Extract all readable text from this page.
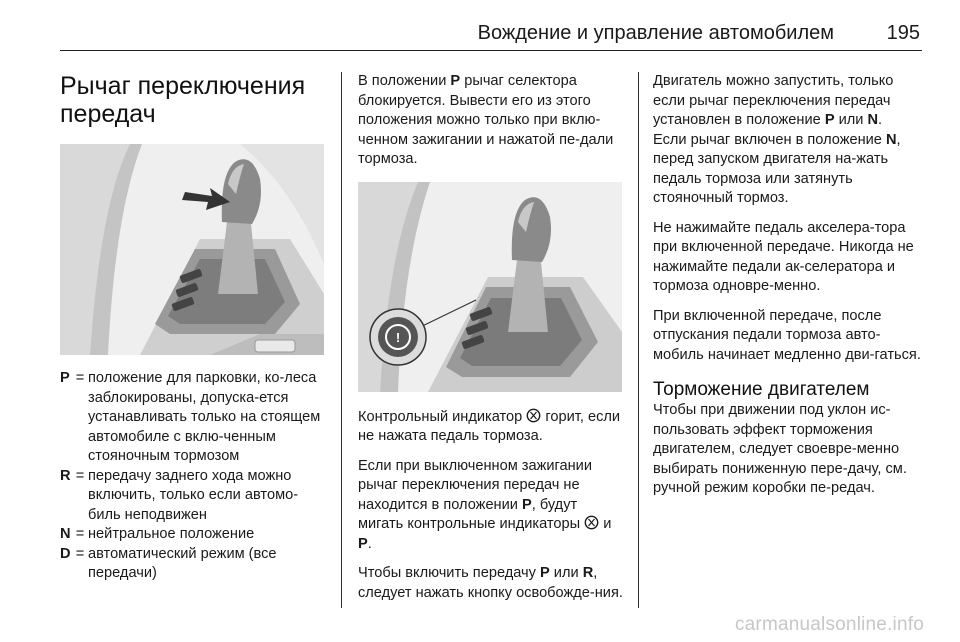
Вождение и управление автомобилем	195
Рычаг переключения
передач
P = положение для парковки, ко-леса заблокированы, допуска-ется устанавливать только на стоящем автомобиле с вклю-ченным стояночным тормозом
R = передачу заднего хода можно включить, только если автомо-биль неподвижен
N = нейтральное положение
D = автоматический режим (все передачи)

В положении P рычаг селектора блокируется. Вывести его из этого положения можно только при вклю-ченном зажигании и нажатой пе-дали тормоза.

!

Контрольный индикатор  горит, если не нажата педаль тормоза.

Если при выключенном зажигании рычаг переключения передач не находится в положении P, будут мигать контрольные индикаторы  и P.

Чтобы включить передачу P или R, следует нажать кнопку освобожде-ния.

Двигатель можно запустить, только если рычаг переключения передач установлен в положение P или N.

Если рычаг включен в положение N, перед запуском двигателя на-жать педаль тормоза или затянуть стояночный тормоз.

Не нажимайте педаль акселера-тора при включенной передаче. Никогда не нажимайте педали ак-селератора и тормоза одновре-менно.

При включенной передаче, после отпускания педали тормоза авто-мобиль начинает медленно дви-гаться.

Торможение двигателем

Чтобы при движении под уклон ис-пользовать эффект торможения двигателем, следует своевре-менно выбирать пониженную пере-дачу, см. ручной режим коробки пе-редач.

carmanualsonline.info
